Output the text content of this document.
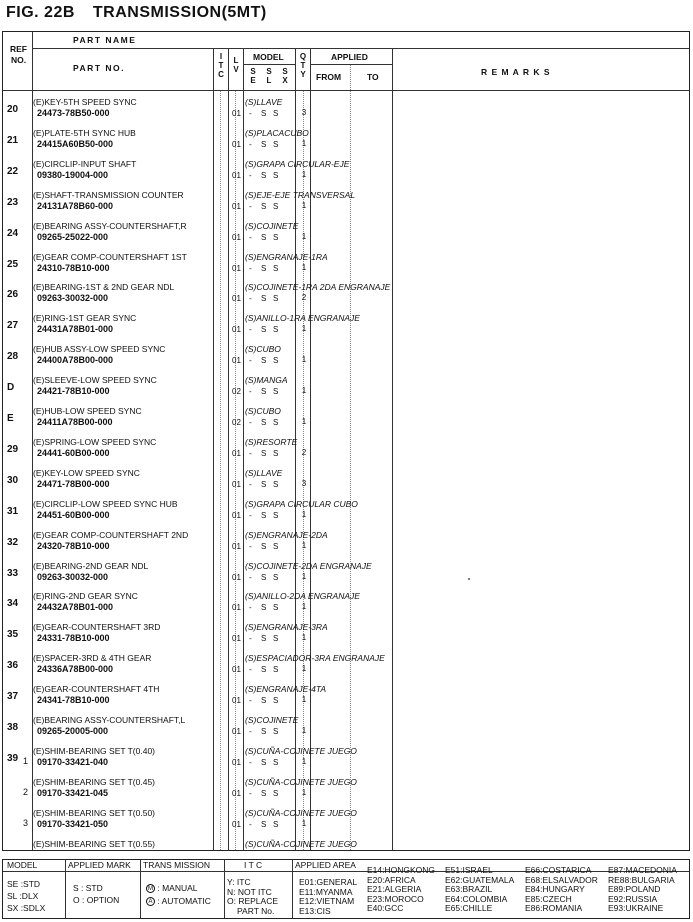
FIG. 22B TRANSMISSION(5MT)
REF
NO.
PART NAME
PART NO.
I
T
C
L
V
MODEL
S
E
S
L
S
X
Q
T
Y
APPLIED
FROM	TO	R E M A R K S
20
(E)KEY-5TH SPEED SYNC
24473-78B50-000
(S)LLAVE
01 - S S	3
21
(E)PLATE-5TH SYNC HUB
24415A60B50-000
(S)PLACACUBO
01 - S S	1
22
(E)CIRCLIP-INPUT SHAFT
09380-19004-000
(S)GRAPA CIRCULAR-EJE
01 - S S	1
23
(E)SHAFT-TRANSMISSION COUNTER
24131A78B60-000
(S)EJE-EJE TRANSVERSAL
01 - S S	1
24
(E)BEARING ASSY-COUNTERSHAFT,R
09265-25022-000
(S)COJINETE
01 - S S	1
25
(E)GEAR COMP-COUNTERSHAFT 1ST
24310-78B10-000
(S)ENGRANAJE-1RA
01 - S S	1
26
(E)BEARING-1ST & 2ND GEAR NDL
09263-30032-000
(S)COJINETE-1RA 2DA ENGRANAJE
01 - S S	2
27
(E)RING-1ST GEAR SYNC
24431A78B01-000
(S)ANILLO-1RA ENGRANAJE
01 - S S	1
28
(E)HUB ASSY-LOW SPEED SYNC
24400A78B00-000
(S)CUBO
01 - S S	1
D
(E)SLEEVE-LOW SPEED SYNC
24421-78B10-000
(S)MANGA
02 - S S	1
E
(E)HUB-LOW SPEED SYNC
24411A78B00-000
(S)CUBO
02 - S S	1
29
(E)SPRING-LOW SPEED SYNC
24441-60B00-000
(S)RESORTE
01 - S S	2
30
(E)KEY-LOW SPEED SYNC
24471-78B00-000
(S)LLAVE
01 - S S	3
31
(E)CIRCLIP-LOW SPEED SYNC HUB
24451-60B00-000
(S)GRAPA CIRCULAR CUBO
01 - S S	1
32
(E)GEAR COMP-COUNTERSHAFT 2ND
24320-78B10-000
(S)ENGRANAJE-2DA
01 - S S	1
33
(E)BEARING-2ND GEAR NDL
09263-30032-000
(S)COJINETE-2DA ENGRANAJE
01 - S S	1
34
(E)RING-2ND GEAR SYNC
24432A78B01-000
(S)ANILLO-2DA ENGRANAJE
01 - S S	1
35
(E)GEAR-COUNTERSHAFT 3RD
24331-78B10-000
(S)ENGRANAJE-3RA
01 - S S	1
36
(E)SPACER-3RD & 4TH GEAR
24336A78B00-000
(S)ESPACIADOR-3RA ENGRANAJE
01 - S S	1
37
(E)GEAR-COUNTERSHAFT 4TH
24341-78B10-000
(S)ENGRANAJE-4TA
01 - S S	1
38
(E)BEARING ASSY-COUNTERSHAFT,L
09265-20005-000
(S)COJINETE
01 - S S	1
39 1
(E)SHIM-BEARING SET T(0.40)
09170-33421-040
(S)CUÑA-COJINETE JUEGO
01 - S S	1
2
(E)SHIM-BEARING SET T(0.45)
09170-33421-045
(S)CUÑA-COJINETE JUEGO
01 - S S	1
3
(E)SHIM-BEARING SET T(0.50)
09170-33421-050
(S)CUÑA-COJINETE JUEGO
01 - S S	1
(E)SHIM-BEARING SET T(0.55)	(S)CUÑA-COJINETE JUEGO
MODEL
SE :STD
SL :DLX
SX :SDLX
APPLIED MARK
S : STD
O : OPTION
TRANS MISSION
M : MANUAL
A : AUTOMATIC
I T C
Y: ITC
N: NOT ITC
O: REPLACE
PART No.
APPLIED AREA
E01:GENERAL
E11:MYANMA
E12:VIETNAM
E13:CIS
E14:HONGKONG
E20:AFRICA
E21:ALGERIA
E23:MOROCO
E40:GCC
E51:ISRAEL
E62:GUATEMALA
E63:BRAZIL
E64:COLOMBIA
E65:CHILLE
E66:COSTARICA
E68:ELSALVADOR
E84:HUNGARY
E85:CZECH
E86:ROMANIA
E87:MACEDONIA
RE88:BULGARIA
E89:POLAND
E92:RUSSIA
E93:UKRAINE
